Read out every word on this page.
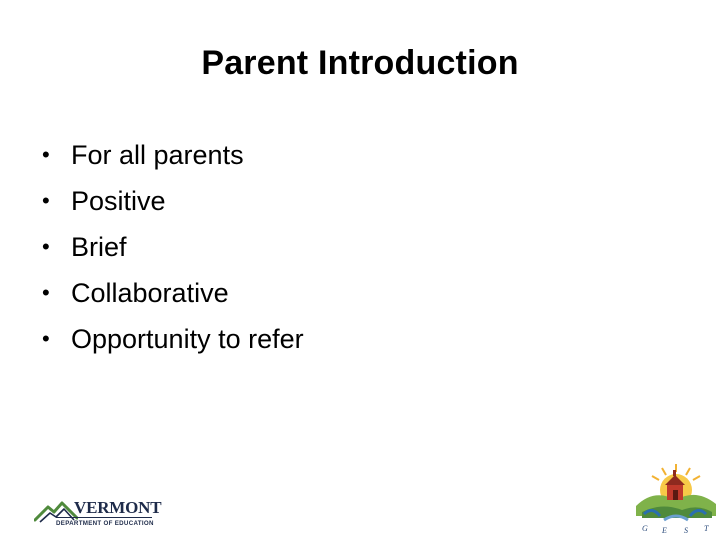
Parent Introduction
• For all parents
• Positive
• Brief
• Collaborative
• Opportunity to refer
VERMONT
DEPARTMENT OF EDUCATION
G E S T
